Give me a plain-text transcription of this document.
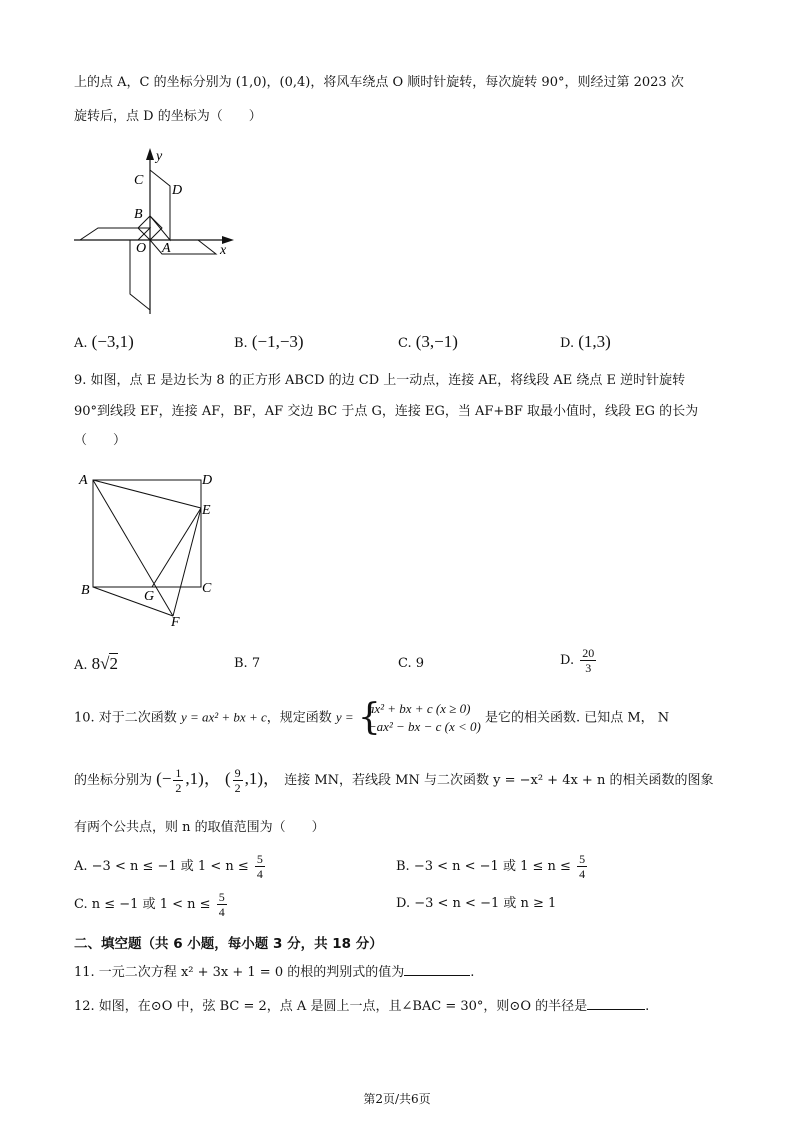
上的点 A，C 的坐标分别为 (1,0)，(0,4)，将风车绕点 O 顺时针旋转，每次旋转 90°，则经过第 2023 次
旋转后，点 D 的坐标为（　　）
y
x
C
D
B
O A
A. (−3,1)	B. (−1,−3)	C. (3,−1)	D. (1,3)
9. 如图，点 E 是边长为 8 的正方形 ABCD 的边 CD 上一动点，连接 AE，将线段 AE 绕点 E 逆时针旋转
90°到线段 EF，连接 AF，BF，AF 交边 BC 于点 G，连接 EG，当 AF+BF 取最小值时，线段 EG 的长为
（　　）
A	D
E
B	G
C
F
A. 8√2	B. 7	C. 9	D. $\frac{20}{3}$
10. 对于二次函数 y = ax² + bx + c，规定函数 y = {
ax² + bx + c (x ≥ 0)
−ax² − bx − c (x < 0)
是它的相关函数. 已知点 M， N
的坐标分别为 (− $\frac{1}{2} ,1$)， ( $\frac{9}{2} ,1$)， 连接 MN，若线段 MN 与二次函数 y = −x² + 4x + n 的相关函数的图象
有两个公共点，则 n 的取值范围为（　　）
A. −3 < n ≤ −1 或 $1 < n \le \frac{5}{4}$	B. −3 < n < −1 或 $1 \le n \le \frac{5}{4}$
C. n ≤ −1 或 $1 < n \le \frac{5}{4}$	D. −3 < n < −1 或 n ≥ 1
二、填空题（共 6 小题，每小题 3 分，共 18 分）
11. 一元二次方程 x² + 3x + 1 = 0 的根的判别式的值为	.
12. 如图，在⊙O 中，弦 BC = 2，点 A 是圆上一点，且∠BAC = 30°，则⊙O 的半径是	.
第2页/共6页
